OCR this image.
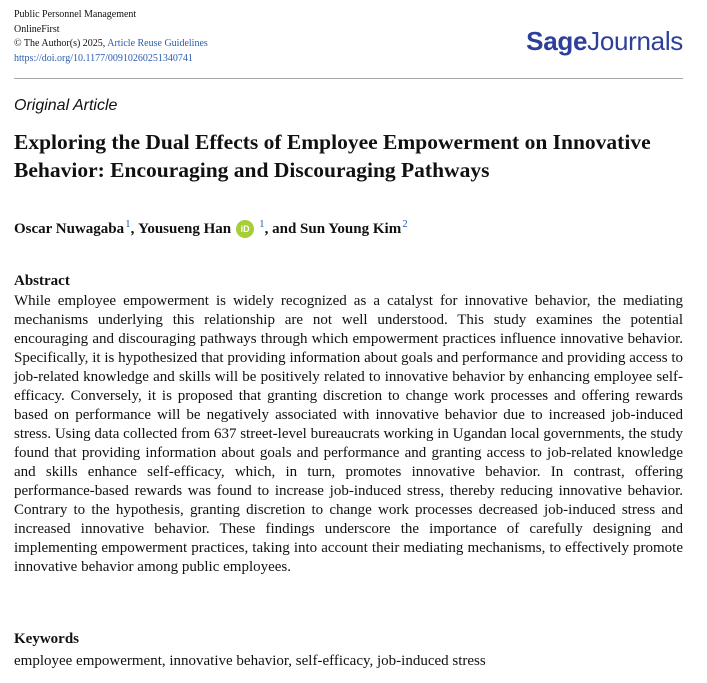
Public Personnel Management
OnlineFirst
© The Author(s) 2025, Article Reuse Guidelines
https://doi.org/10.1177/00910260251340741
SageJournals
Original Article
Exploring the Dual Effects of Employee Empowerment on Innovative Behavior: Encouraging and Discouraging Pathways
Oscar Nuwagaba$^1$ , Yousueng Han	iD $^1$ , and Sun Young Kim$^2$
Abstract

While employee empowerment is widely recognized as a catalyst for innovative behavior, the mediating mechanisms underlying this relationship are not well understood. This study examines the potential encouraging and discouraging pathways through which empowerment practices influence innovative behavior. Specifically, it is hypothesized that providing information about goals and performance and providing access to job-related knowledge and skills will be positively related to innovative behavior by enhancing employee self-efficacy. Conversely, it is proposed that granting discretion to change work processes and offering rewards based on performance will be negatively associated with innovative behavior due to increased job-induced stress. Using data collected from 637 street-level bureaucrats working in Ugandan local governments, the study found that providing information about goals and performance and granting access to job-related knowledge and skills enhance self-efficacy, which, in turn, promotes innovative behavior. In contrast, offering performance-based rewards was found to increase job-induced stress, thereby reducing innovative behavior. Contrary to the hypothesis, granting discretion to change work processes decreased job-induced stress and increased innovative behavior. These findings underscore the importance of carefully designing and implementing empowerment practices, taking into account their mediating mechanisms, to effectively promote innovative behavior among public employees.

Keywords

employee empowerment, innovative behavior, self-efficacy, job-induced stress
